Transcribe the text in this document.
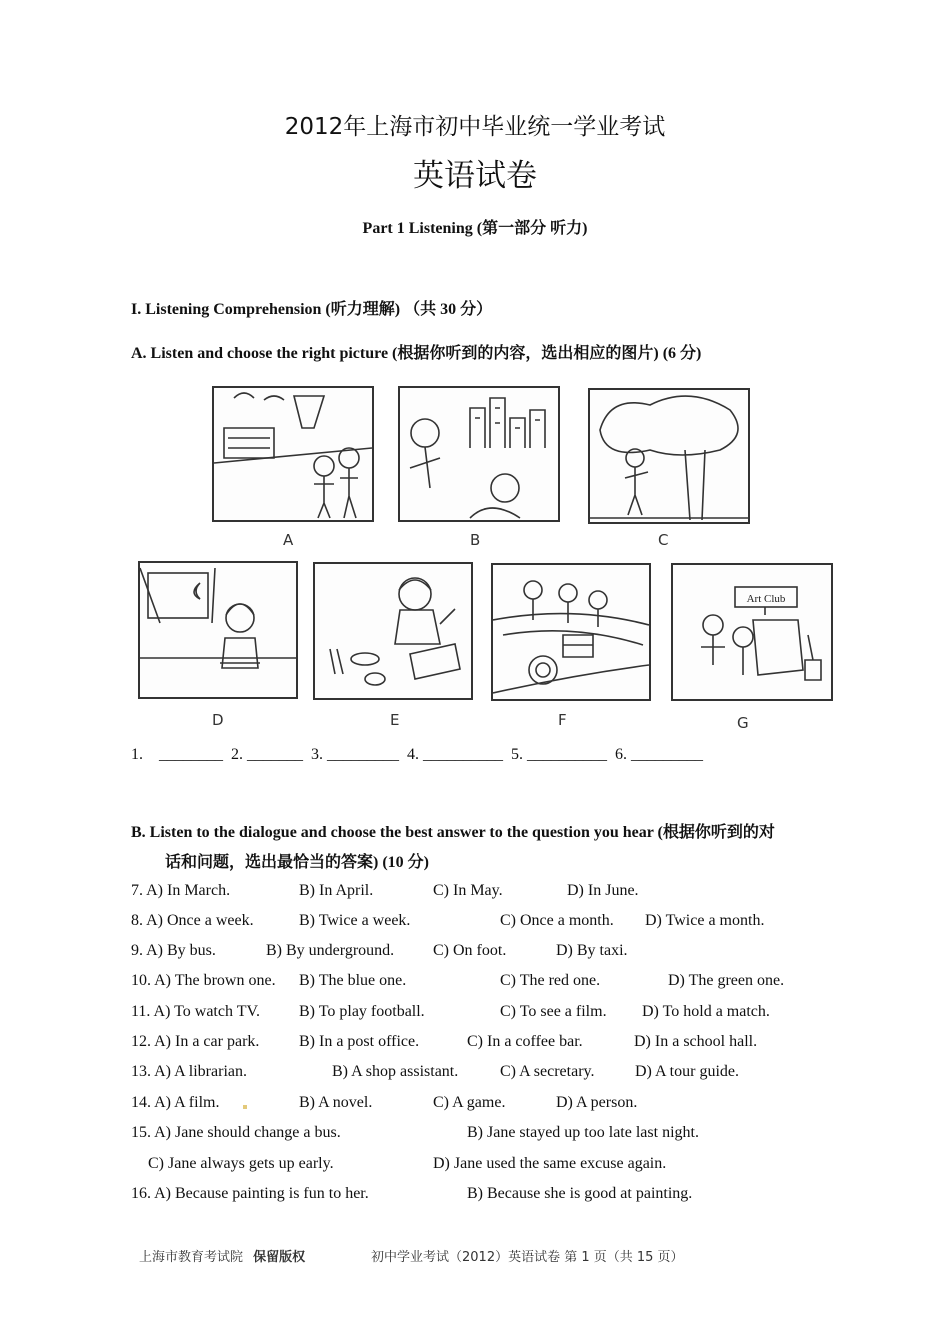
2012年上海市初中毕业统一学业考试
英语试卷
Part 1 Listening (第一部分 听力)
I. Listening Comprehension (听力理解) （共 30 分）
A. Listen and choose the right picture (根据你听到的内容，选出相应的图片) (6 分)
A	B	C
D	E	F
Art Club
G
1.    ________  2. _______  3. _________  4. __________  5. __________  6. _________
B. Listen to the dialogue and choose the best answer to the question you hear (根据你听到的对
话和问题，选出最恰当的答案) (10 分)
7. A) In March.	B) In April.	C) In May.	D) In June.
8. A) Once a week.	B) Twice a week.	C) Once a month. D) Twice a month.
9. A) By bus.	B) By underground. C) On foot.	D) By taxi.
10. A) The brown one. B) The blue one.	C) The red one.	D) The green one.
11. A) To watch TV. B) To play football.	C) To see a film. D) To hold a match.
12. A) In a car park. B) In a post office.	C) In a coffee bar.	D) In a school hall.
13. A) A librarian.	B) A shop assistant.	C) A secretary.	D) A tour guide.
14. A) A film.	B) A novel.	C) A game.	D) A person.
15. A) Jane should change a bus.	B) Jane stayed up too late last night.
C) Jane always gets up early.	D) Jane used the same excuse again.
16. A) Because painting is fun to her.	B) Because she is good at painting.
上海市教育考试院 保留版权	初中学业考试（2012）英语试卷 第 1 页（共 15 页）
